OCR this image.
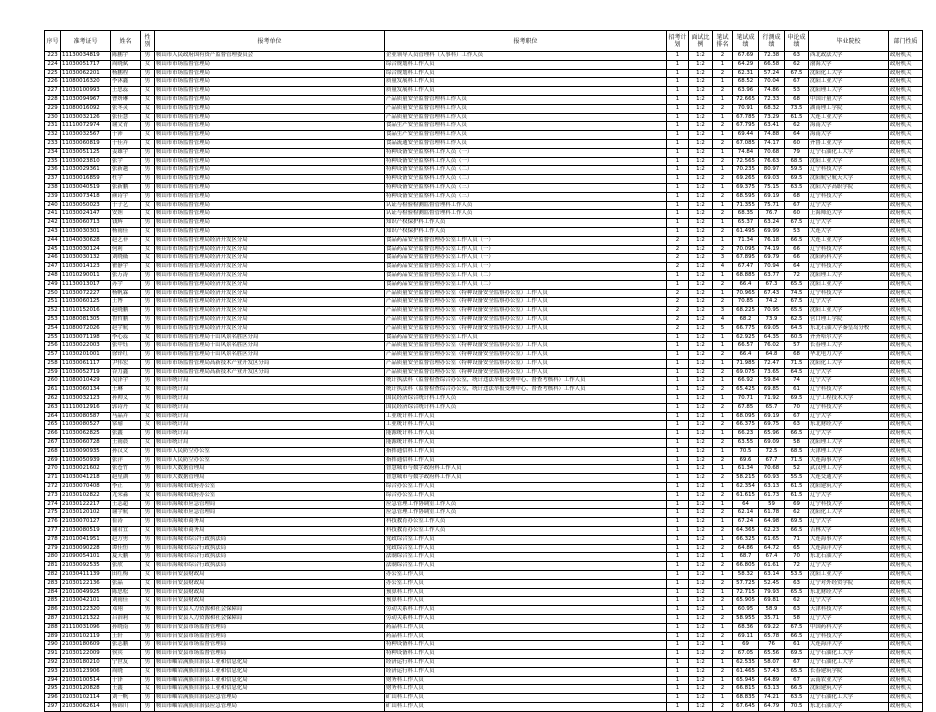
序号	准考证号	姓名	性别	报考单位	报考职位	招考计划	面试比例	笔试排名	笔试成绩	行测成绩	申论成绩	毕业院校	部门性质
223	11130034819	陈鹏宇	男	鞍山市人民政府国有资产监督管理委员会	企业领导人员管理科（人事科）工作人员	1	1:2	2	67.69	72.38	63	西北政法大学	政府机关
224	11030051717	周晓斌	女	鞍山市市场监督管理局	综合规划科工作人员	1	1:2	1	64.29	66.58	62	渤海大学	政府机关
225	11030062201	杨鹏程	男	鞍山市市场监督管理局	综合规划科工作人员	1	1:2	2	62.31	57.24	67.5	沈阳化工大学	政府机关
226	11080016320	李沐鑫	男	鞍山市市场监督管理局	质量发展科工作人员	1	1:2	1	68.52	70.04	67	沈阳工业大学	政府机关
227	11030100993	王思蕊	女	鞍山市市场监督管理局	质量发展科工作人员	1	1:2	2	63.96	74.86	53	沈阳理工大学	政府机关
228	11030094967	曹妍琳	女	鞍山市市场监督管理局	产品质量安全监督管理科工作人员	1	1:2	1	72.665	72.33	68	中国计量大学	政府机关
229	11080016092	张冬灵	女	鞍山市市场监督管理局	产品质量安全监督管理科工作人员	1	1:2	2	70.91	68.32	73.5	湖南理工学院	政府机关
230	11030032126	张佳慧	女	鞍山市市场监督管理局	产品质量安全监督管理科工作人员	1	1:2	1	67.785	73.29	61.5	大连工业大学	政府机关
231	11110072974	谢文青	男	鞍山市市场监督管理局	食品生产安全监督管理科工作人员	1	1:2	2	67.795	63.41	62	海南大学	政府机关
232	11030032567	于沛	女	鞍山市市场监督管理局	食品生产安全监督管理科工作人员	1	1:2	1	69.44	74.88	64	海南大学	政府机关
233	11030060819	于佳卉	女	鞍山市市场监督管理局	食品流通安全监督管理科工作人员	1	1:2	2	67.085	74.17	60	齐鲁工业大学	政府机关
234	11030051125	姜雄宇	男	鞍山市市场监督管理局	特种设备安全监察科工作人员（一）	1	1:2	1	74.84	70.68	79	辽宁石油化工大学	政府机关
235	11030023810	张宇	男	鞍山市市场监督管理局	特种设备安全监察科工作人员（一）	1	1:2	2	72.565	76.63	68.5	沈阳工业大学	政府机关
236	11030029361	张新越	男	鞍山市市场监督管理局	特种设备安全监察科工作人员（二）	1	1:2	1	70.235	80.97	59.5	辽宁科技大学	政府机关
237	11030016859	杜宇	男	鞍山市市场监督管理局	特种设备安全监察科工作人员（二）	1	1:2	2	69.265	69.03	69.5	沈阳航空航天大学	政府机关
238	11030040519	张新鹏	男	鞍山市市场监督管理局	特种设备安全监察科工作人员（三）	1	1:2	1	69.375	75.15	63.5	沈阳大学高职学院	政府机关
239	11030073418	颜诗宇	男	鞍山市市场监督管理局	特种设备安全监察科工作人员（三）	1	1:2	2	68.595	69.19	68	辽宁科技大学	政府机关
240	11030050023	于子艺	女	鞍山市市场监督管理局	认证与检验检测监督管理科工作人员	1	1:2	1	71.355	75.71	67	辽宁大学	政府机关
241	11030024147	安妲	女	鞍山市市场监督管理局	认证与检验检测监督管理科工作人员	1	1:2	2	68.35	76.7	60	上海师范大学	政府机关
242	11030060713	钱辉	男	鞍山市市场监督管理局	知识产权保护科工作人员	1	1:2	1	65.37	63.24	67.5	辽宁大学	政府机关
243	11030030301	杨雨佳	女	鞍山市市场监督管理局	知识产权保护科工作人员	1	1:2	2	61.495	69.99	53	大连大学	政府机关
244	11040030628	赵艺菲	女	鞍山市市场监督管理局经济开发区分局	食品药品安全监督管理办公室工作人员（一）	2	1:2	1	71.34	76.18	66.5	大连工业大学	政府机关
245	11030030124	何莉	女	鞍山市市场监督管理局经济开发区分局	食品药品安全监督管理办公室工作人员（一）	2	1:2	2	70.095	74.19	66	辽宁科技大学	政府机关
246	11030030132	刘晓薇	女	鞍山市市场监督管理局经济开发区分局	食品药品安全监督管理办公室工作人员（一）	2	1:2	3	67.895	69.79	66	沈阳药科大学	政府机关
247	11030014123	瞿静宇	女	鞍山市市场监督管理局经济开发区分局	食品药品安全监督管理办公室工作人员（一）	2	1:2	4	67.47	70.94	64	辽宁科技大学	政府机关
248	11010290011	张万涛	男	鞍山市市场监督管理局经济开发区分局	食品药品安全监督管理办公室工作人员（二）	1	1:2	1	68.885	63.77	72	沈阳理工大学	政府机关
249	11130013017	苏宇	男	鞍山市市场监督管理局经济开发区分局	食品药品安全监督管理办公室工作人员（二）	1	1:2	2	66.4	67.3	65.5	沈阳工业大学	政府机关
250	11030072227	杨帆霖	男	鞍山市市场监督管理局经济开发区分局	产品质量安全监督管理办公室（特种设备安全监察办公室）工作人员	2	1:2	1	70.965	67.43	74.5	辽宁科技大学	政府机关
251	11030060125	王博	男	鞍山市市场监督管理局经济开发区分局	产品质量安全监督管理办公室（特种设备安全监察办公室）工作人员	2	1:2	2	70.85	74.2	67.5	辽宁大学	政府机关
252	11010152016	赵晓鹏	男	鞍山市市场监督管理局经济开发区分局	产品质量安全监督管理办公室（特种设备安全监察办公室）工作人员	2	1:2	3	68.225	70.95	65.5	沈阳工业大学	政府机关
253	11080081305	鲁哲鹏	男	鞍山市市场监督管理局经济开发区分局	产品质量安全监督管理办公室（特种设备安全监察办公室）工作人员	2	1:2	4	68.2	73.9	62.5	营口理工学院	政府机关
254	11080072026	赵宇航	男	鞍山市市场监督管理局经济开发区分局	产品质量安全监督管理办公室（特种设备安全监察办公室）工作人员	2	1:2	5	66.775	69.05	64.5	东北石油大学秦皇岛分校	政府机关
255	11030071198	李心蕊	女	鞍山市市场监督管理局千山风景名胜区分局	食品药品安全监督管理办公室工作人员	1	1:2	1	62.925	64.35	60.5	齐齐哈尔大学	政府机关
256	11030022003	张中钰	男	鞍山市市场监督管理局千山风景名胜区分局	产品质量安全监督管理办公室（特种设备安全监察办公室）工作人员	1	1:2	1	66.57	76.02	57	长春理工大学	政府机关
257	11030201001	徐铎红	男	鞍山市市场监督管理局千山风景名胜区分局	产品质量安全监督管理办公室（特种设备安全监察办公室）工作人员	1	1:2	2	66.4	64.8	68	华北电力大学	政府机关
258	11030061117	尹伟宏	男	鞍山市市场监督管理局高新技术产业开发区分局	产品质量安全监督管理办公室（特种设备安全监察办公室）工作人员	1	1:2	1	71.985	72.47	71.5	沈阳化工大学	政府机关
259	11030052719	谷力鑫	男	鞍山市市场监督管理局高新技术产业开发区分局	产品质量安全监督管理办公室（特种设备安全监察办公室）工作人员	1	1:2	2	69.075	73.65	64.5	辽宁大学	政府机关
260	11080010429	吴泽宇	男	鞍山市统计局	统计执法科（监督检查综合办公室，统计违法举报受理中心、督查考核科）工作人员	1	1:2	1	66.92	59.84	74	辽宁大学	政府机关
261	11030060134	王琳	女	鞍山市统计局	统计执法科（监督检查综合办公室，统计违法举报受理中心、督查考核科）工作人员	1	1:2	2	65.425	69.85	61	辽宁科技大学	政府机关
262	11030032123	孙帅义	男	鞍山市统计局	国民经济综合统计科工作人员	1	1:2	1	70.71	71.92	69.5	辽宁工程技术大学	政府机关
263	11110012916	郭诗丹	女	鞍山市统计局	国民经济综合统计科工作人员	1	1:2	2	67.85	65.7	70	辽宁科技大学	政府机关
264	11030080587	马晶卉	女	鞍山市统计局	工业统计科工作人员	1	1:2	1	68.095	69.19	67	辽宁大学	政府机关
265	11030080527	常瑜	女	鞍山市统计局	工业统计科工作人员	1	1:2	2	66.375	69.75	63	东北财经大学	政府机关
266	11030062825	张鑫	男	鞍山市统计局	能源统计科工作人员	1	1:2	1	66.23	65.96	66.5	辽宁大学	政府机关
267	11030060728	王雨晨	女	鞍山市统计局	能源统计科工作人员	1	1:2	2	63.55	69.09	58	沈阳理工大学	政府机关
268	11030090935	孙汉文	男	鞍山市人民防空办公室	指挥通信科工作人员	1	1:2	1	70.5	72.5	68.5	天津理工大学	政府机关
269	11030050939	张洋	男	鞍山市人民防空办公室	指挥通信科工作人员	1	1:2	2	69.6	67.7	71.5	大连海事大学	政府机关
270	11030021602	张苍竹	男	鞍山市大数据管理局	智慧城市与数字政府科工作人员	1	1:2	1	61.34	70.68	52	武汉理工大学	政府机关
271	11030041218	赵星湖	男	鞍山市大数据管理局	智慧城市与数字政府科工作人员	1	1:2	2	58.215	60.93	55.5	大连交通大学	政府机关
272	21030070408	李正	男	鞍山市海城市政府办公室	综合办公室工作人员	1	1:2	1	62.354	63.13	61.5	沈阳建筑大学	政府机关
273	21030102822	尤荣淼	女	鞍山市海城市政府办公室	综合办公室工作人员	1	1:2	2	61.615	61.73	61.5	辽宁大学	政府机关
274	21030122217	王志超	男	鞍山市海城市应急管理局	应急管理工作协调室工作人员	1	1:2	1	64	59	69	辽宁科技大学	政府机关
275	21030120102	谢宇航	男	鞍山市海城市应急管理局	应急管理工作协调室工作人员	1	1:2	2	62.14	61.78	62	沈阳化工大学	政府机关
276	21030070127	崔涛	男	鞍山市海城市商务局	科技教育办公室工作人员	1	1:2	1	67.24	64.98	69.5	辽宁大学	政府机关
277	21030080519	谢君宜	女	鞍山市海城市商务局	科技教育办公室工作人员	1	1:2	2	64.365	62.23	66.5	吉林大学	政府机关
278	21010041951	赵方勇	男	鞍山市海城市综合行政执法局	党政综合室工作人员	1	1:2	1	66.325	61.65	71	大连海事大学	政府机关
279	21030090228	谭佳恒	男	鞍山市海城市综合行政执法局	党政综合室工作人员	1	1:2	2	64.86	64.72	65	大连海洋大学	政府机关
280	21090054101	夏天鹏	男	鞍山市海城市综合行政执法局	法制综合室工作人员	1	1:2	1	68.7	67.4	70	东北石油大学	政府机关
281	21030092535	张欣	女	鞍山市海城市综合行政执法局	法制综合室工作人员	1	1:2	2	66.805	61.61	72	辽宁大学	政府机关
282	21030411139	田红梅	女	鞍山市台安县财政局	办公室工作人员	1	1:2	1	58.32	63.14	53.5	沈阳工业大学	政府机关
283	21030122136	张晶	女	鞍山市台安县财政局	办公室工作人员	1	1:2	2	57.725	52.45	63	辽宁对外经贸学院	政府机关
284	21010049925	陈思松	男	鞍山市台安县财政局	预算科工作人员	1	1:2	1	72.715	79.93	65.5	东北财经大学	政府机关
285	21030042101	刘雨佳	女	鞍山市台安县财政局	预算科工作人员	1	1:2	2	65.905	69.81	62	辽宁大学	政府机关
286	21030122320	邓翔	男	鞍山市台安县人力资源和社会保障局	劳动关系科工作人员	1	1:2	1	60.95	58.9	63	天津科技大学	政府机关
287	21030121322	吕治莉	女	鞍山市台安县人力资源和社会保障局	劳动关系科工作人员	1	1:2	2	58.955	35.71	58	辽宁大学	政府机关
288	21110031096	孙晓南	男	鞍山市台安县市场监督管理局	药品科工作人员	1	1:2	1	68.36	69.22	67.5	中国药科大学	政府机关
289	21030102119	王轩	男	鞍山市台安县市场监督管理局	药品科工作人员	1	1:2	2	69.11	65.78	66.5	辽宁科技大学	政府机关
290	21030180609	张志鹏	男	鞍山市台安县市场监督管理局	特种设备科工作人员	1	1:2	1	69	76	61	大连海洋大学	政府机关
291	21030122009	侯宾	男	鞍山市台安县市场监督管理局	特种设备科工作人员	1	1:2	2	67.05	65.56	69.5	辽宁石油化工大学	政府机关
292	21030180210	宁世友	男	鞍山市岫岩满族自治县工业和信息化局	经济运行科工作人员	1	1:2	1	62.535	58.07	67	辽宁石油化工大学	政府机关
293	21030123906	周晓	女	鞍山市岫岩满族自治县工业和信息化局	经济运行科工作人员	1	1:2	2	61.465	57.43	65.5	长春建筑学院	政府机关
294	21030100514	于泽	男	鞍山市岫岩满族自治县工业和信息化局	财务科工作人员	1	1:2	1	65.945	64.89	67	云南农业大学	政府机关
295	21030120828	王鑫	女	鞍山市岫岩满族自治县工业和信息化局	财务科工作人员	1	1:2	2	66.815	63.13	66.5	沈阳建筑大学	政府机关
296	21030102114	刘一帆	男	鞍山市岫岩满族自治县应急管理局	矿山科工作人员	1	1:2	1	68.835	74.21	63.5	辽宁石油化工大学	政府机关
297	21030062614	杨锦川	男	鞍山市岫岩满族自治县应急管理局	矿山科工作人员	1	1:2	2	67.645	64.79	70.5	东北石油大学	政府机关
